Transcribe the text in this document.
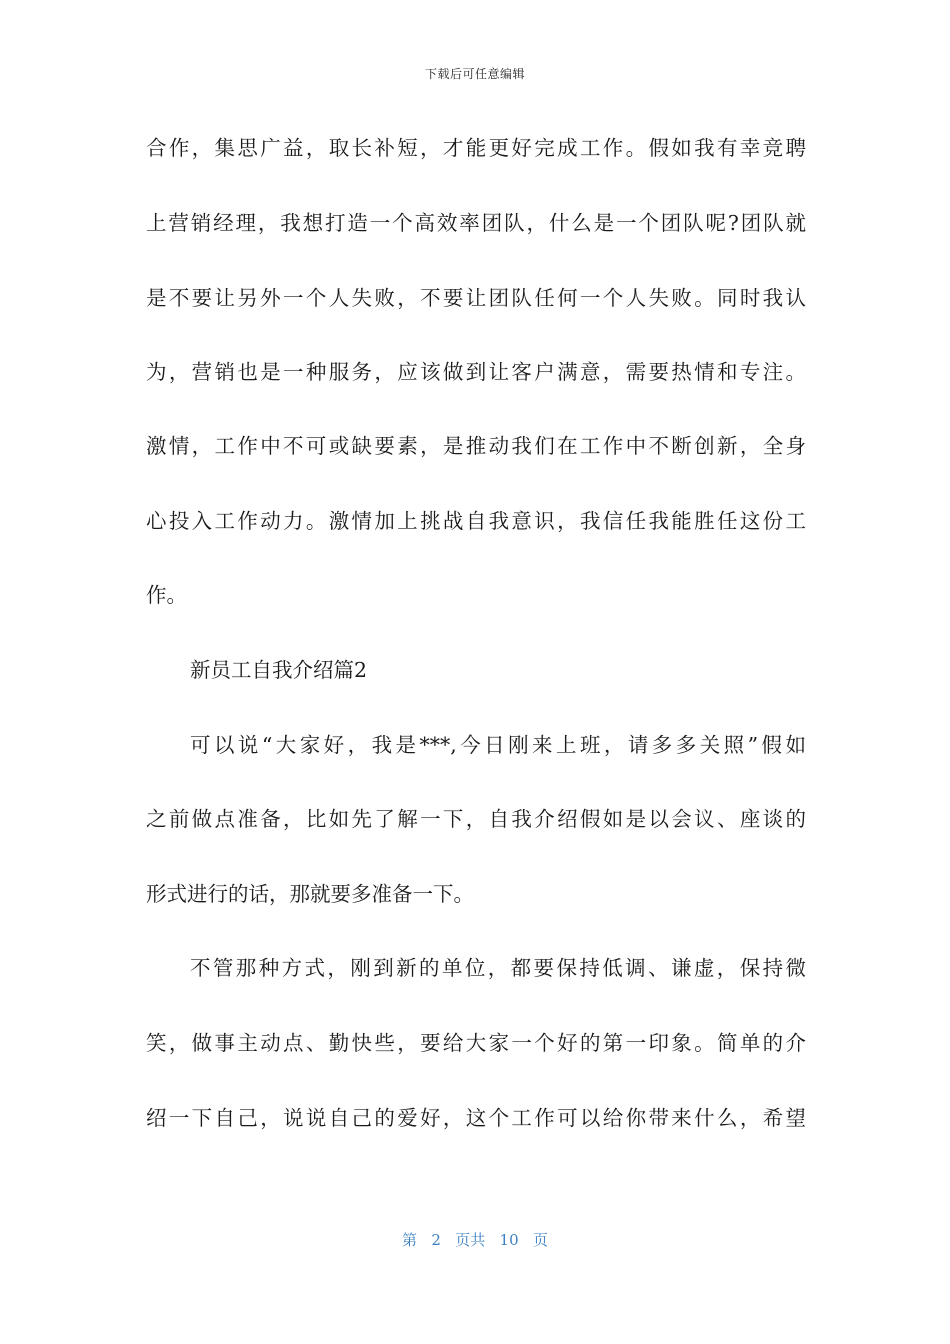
下载后可任意编辑
合作，集思广益，取长补短，才能更好完成工作。假如我有幸竞聘
上营销经理，我想打造一个高效率团队，什么是一个团队呢?团队就
是不要让另外一个人失败，不要让团队任何一个人失败。同时我认
为，营销也是一种服务，应该做到让客户满意，需要热情和专注。
激情，工作中不可或缺要素，是推动我们在工作中不断创新，全身
心投入工作动力。激情加上挑战自我意识，我信任我能胜任这份工
作。
新员工自我介绍篇2
可以说“大家好，我是***,今日刚来上班，请多多关照”假如
之前做点准备，比如先了解一下，自我介绍假如是以会议、座谈的
形式进行的话，那就要多准备一下。
不管那种方式，刚到新的单位，都要保持低调、谦虚，保持微
笑，做事主动点、勤快些，要给大家一个好的第一印象。简单的介
绍一下自己，说说自己的爱好，这个工作可以给你带来什么，希望
第 2 页共 10 页
